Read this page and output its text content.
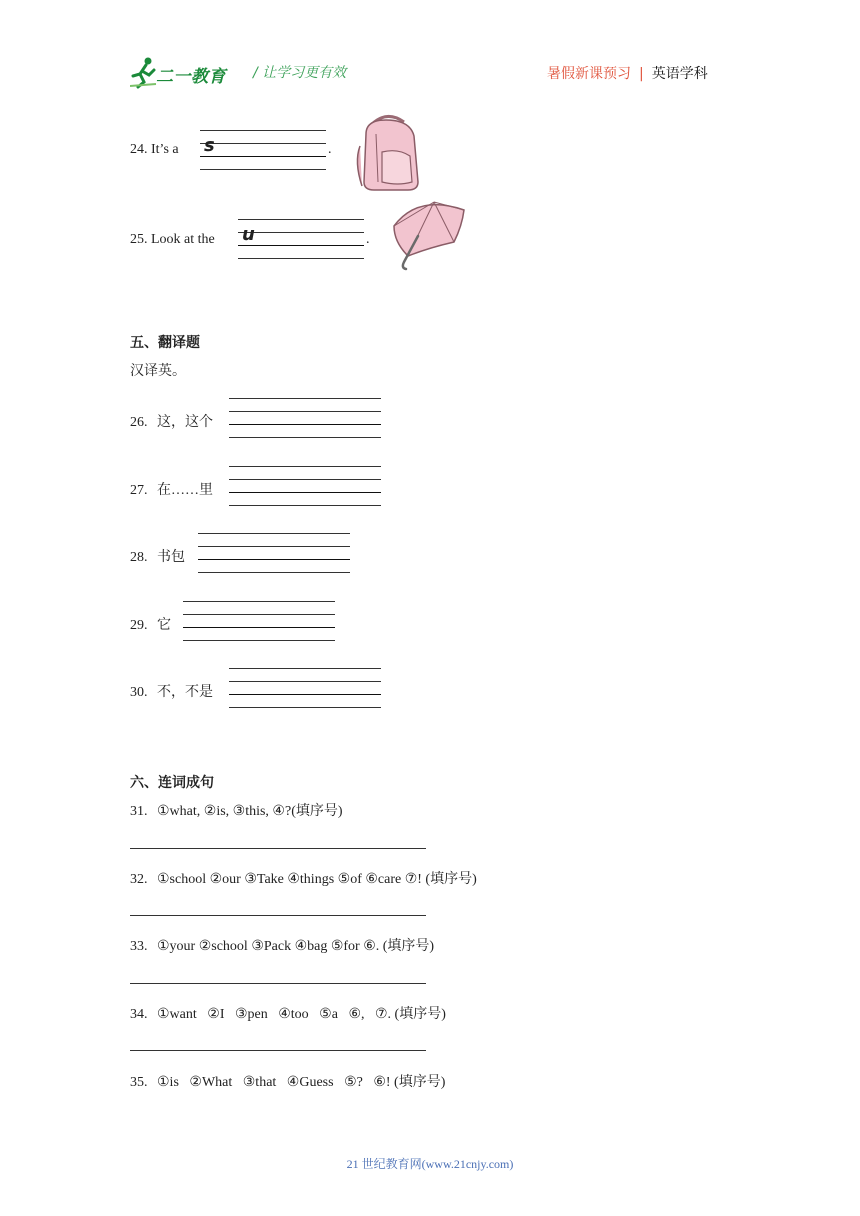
二一教育 / 让学习更有效	暑假新课预习 | 英语学科
24. It’s a s	.
25. Look at the u	.
五、翻译题
汉译英。
26. 这，这个
27. 在……里
28. 书包
29. 它
30. 不，不是
六、连词成句
31. ①what, ②is, ③this, ④?(填序号)
32. ①school ②our ③Take ④things ⑤of ⑥care ⑦! (填序号)
33. ①your ②school ③Pack ④bag ⑤for ⑥. (填序号)
34. ①want   ②I   ③pen   ④too   ⑤a   ⑥,   ⑦. (填序号)
35. ①is   ②What   ③that   ④Guess   ⑤?   ⑥! (填序号)
21 世纪教育网(www.21cnjy.com)
